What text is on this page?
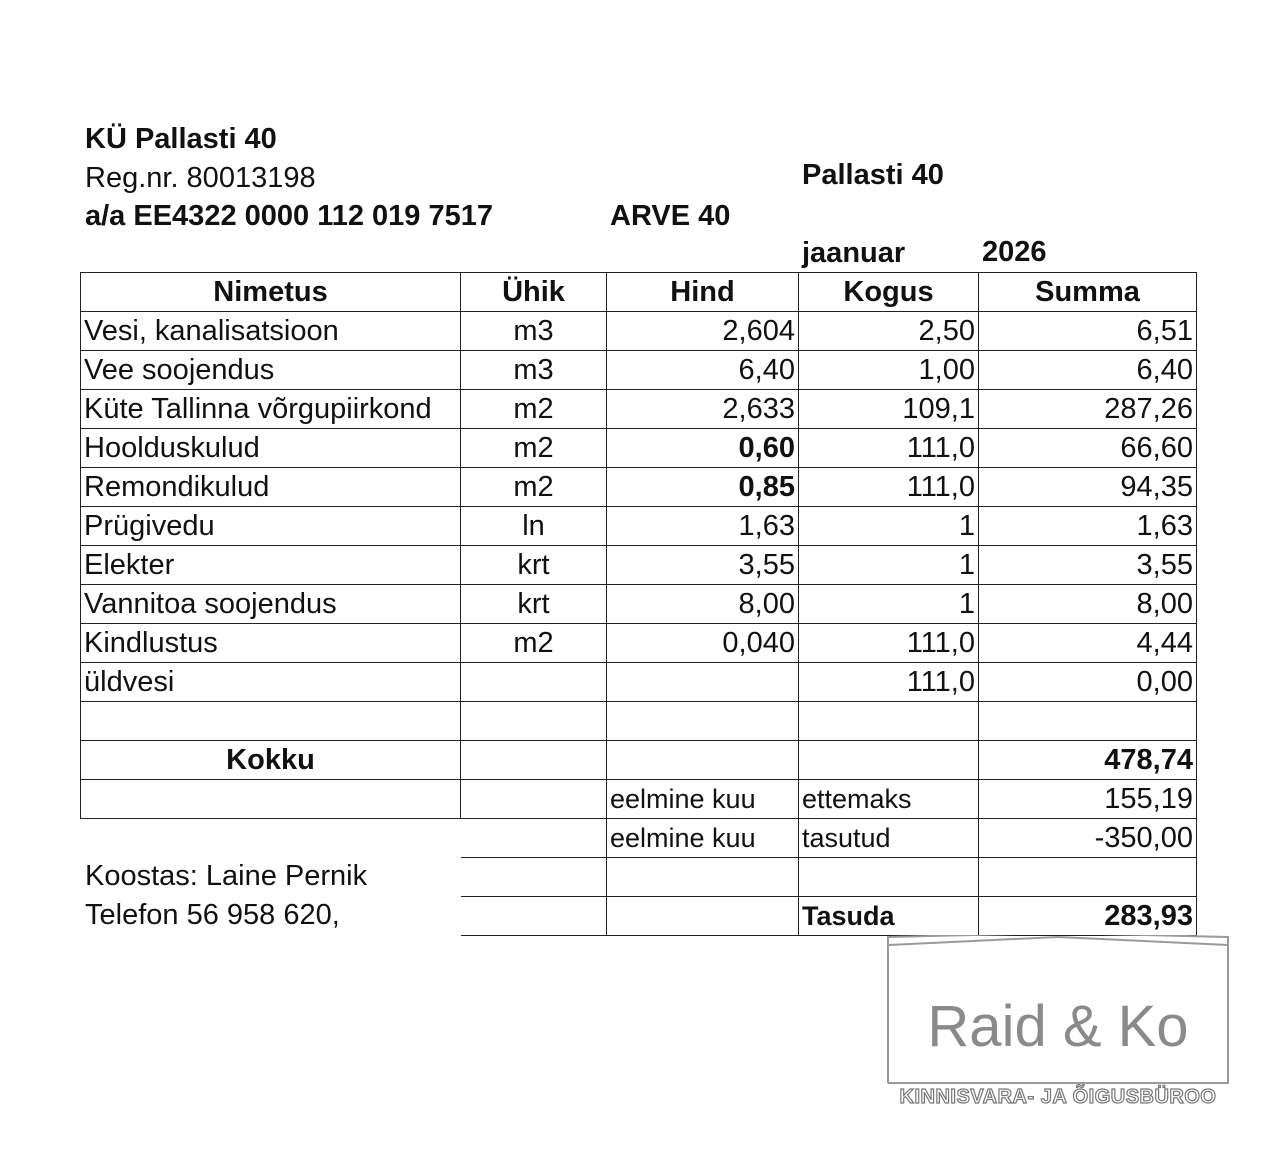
KÜ Pallasti 40
Reg.nr. 80013198	Pallasti 40
a/a EE4322 0000 112 019 7517	ARVE 40
jaanuar	2026
Nimetus	Ühik	Hind	Kogus	Summa
Vesi, kanalisatsioon	m3	2,604	2,50	6,51
Vee soojendus	m3	6,40	1,00	6,40
Küte Tallinna võrgupiirkond	m2	2,633	109,1	287,26
Hoolduskulud	m2	0,60	111,0	66,60
Remondikulud	m2	0,85	111,0	94,35
Prügivedu	ln	1,63	1	1,63
Elekter	krt	3,55	1	3,55
Vannitoa soojendus	krt	8,00	1	8,00
Kindlustus	m2	0,040	111,0	4,44
üldvesi			111,0	0,00

Kokku				478,74
		eelmine kuu	ettemaks	155,19
		eelmine kuu	tasutud	-350,00

			Tasuda	283,93
Koostas: Laine Pernik
Telefon 56 958 620,
Raid & Ko
KINNISVARA- JA ÕIGUSBÜROO
